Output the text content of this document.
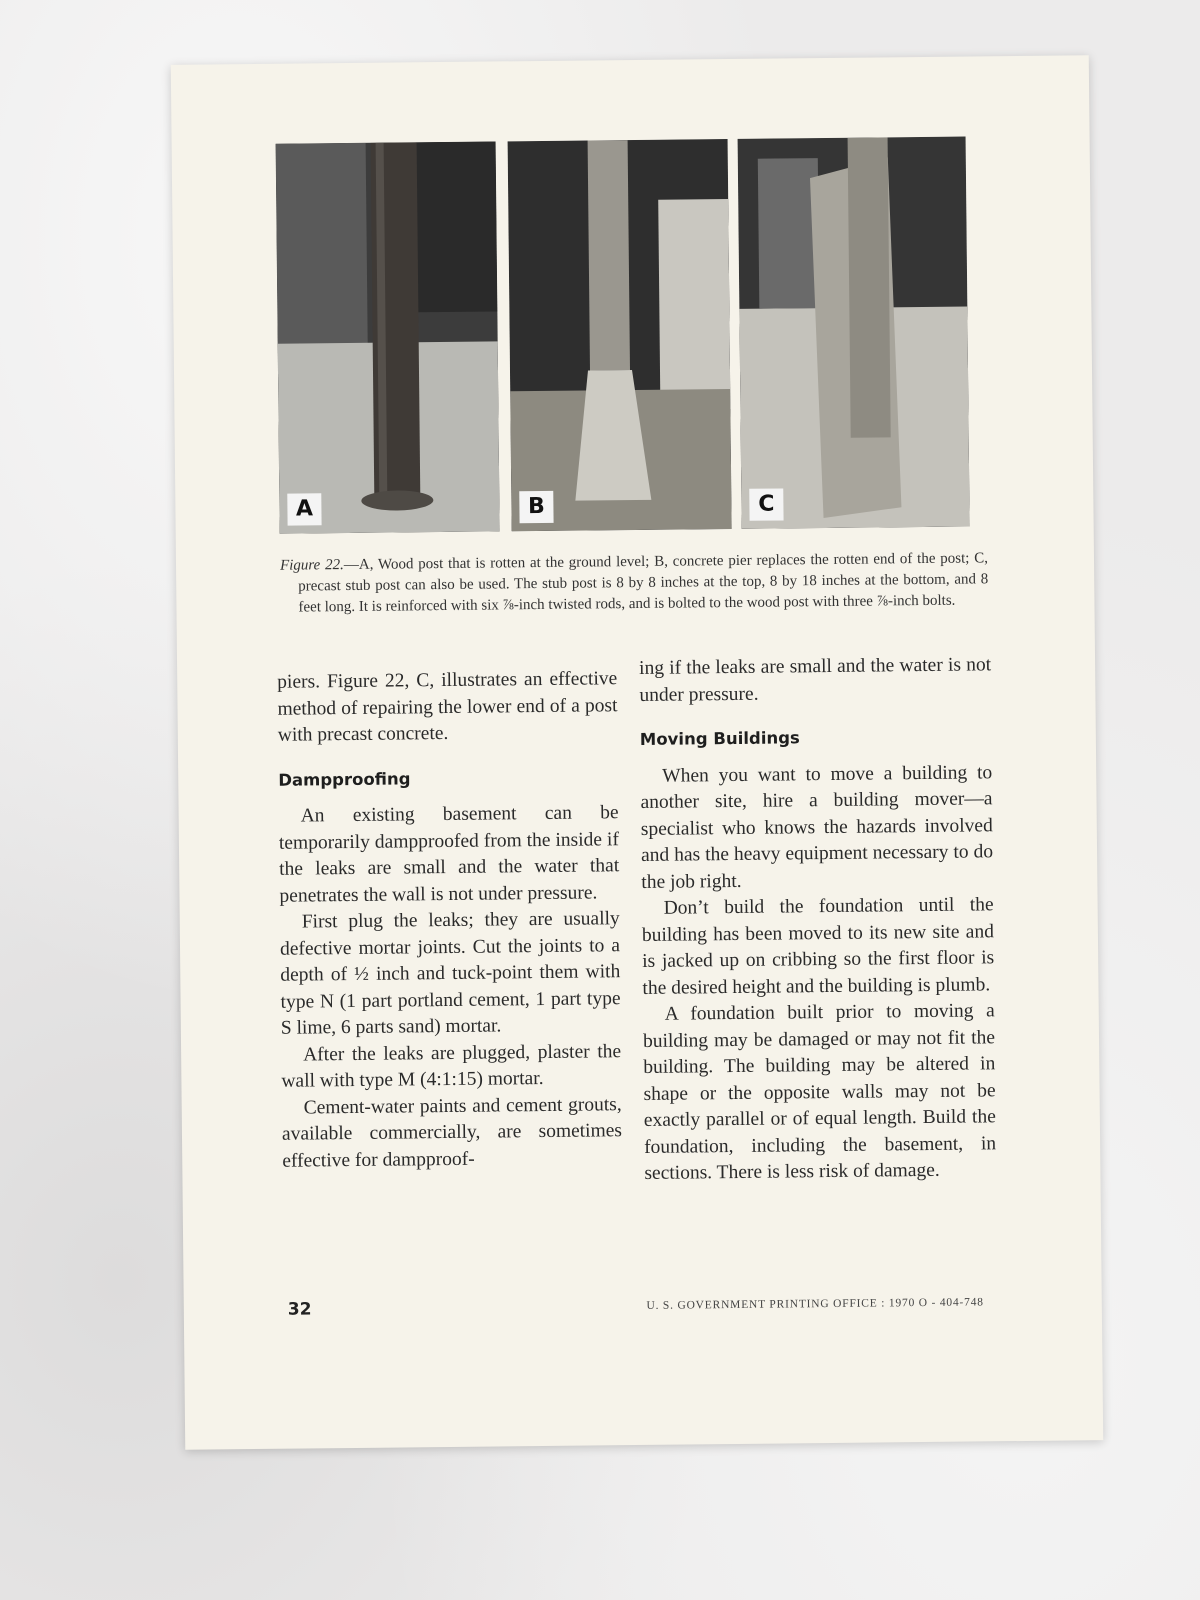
A	B	C
Figure 22.—A, Wood post that is rotten at the ground level; B, concrete pier replaces the rotten end of the post; C, precast stub post can also be used. The stub post is 8 by 8 inches at the top, 8 by 18 inches at the bottom, and 8 feet long. It is reinforced with six ⅞-inch twisted rods, and is bolted to the wood post with three ⅞-inch bolts.

piers. Figure 22, C, illustrates an effective method of repairing the lower end of a post with precast concrete.

Dampproofing

An existing basement can be temporarily dampproofed from the inside if the leaks are small and the water that penetrates the wall is not under pressure.

First plug the leaks; they are usually defective mortar joints. Cut the joints to a depth of ½ inch and tuck-point them with type N (1 part portland cement, 1 part type S lime, 6 parts sand) mortar.

After the leaks are plugged, plaster the wall with type M (4:1:15) mortar.

Cement-water paints and cement grouts, available commercially, are sometimes effective for dampproof-

ing if the leaks are small and the water is not under pressure.

Moving Buildings

When you want to move a building to another site, hire a building mover—a specialist who knows the hazards involved and has the heavy equipment necessary to do the job right.

Don’t build the foundation until the building has been moved to its new site and is jacked up on cribbing so the first floor is the desired height and the building is plumb.

A foundation built prior to moving a building may be damaged or may not fit the building. The building may be altered in shape or the opposite walls may not be exactly parallel or of equal length. Build the foundation, including the basement, in sections. There is less risk of damage.

32	U. S. GOVERNMENT PRINTING OFFICE : 1970 O - 404-748
